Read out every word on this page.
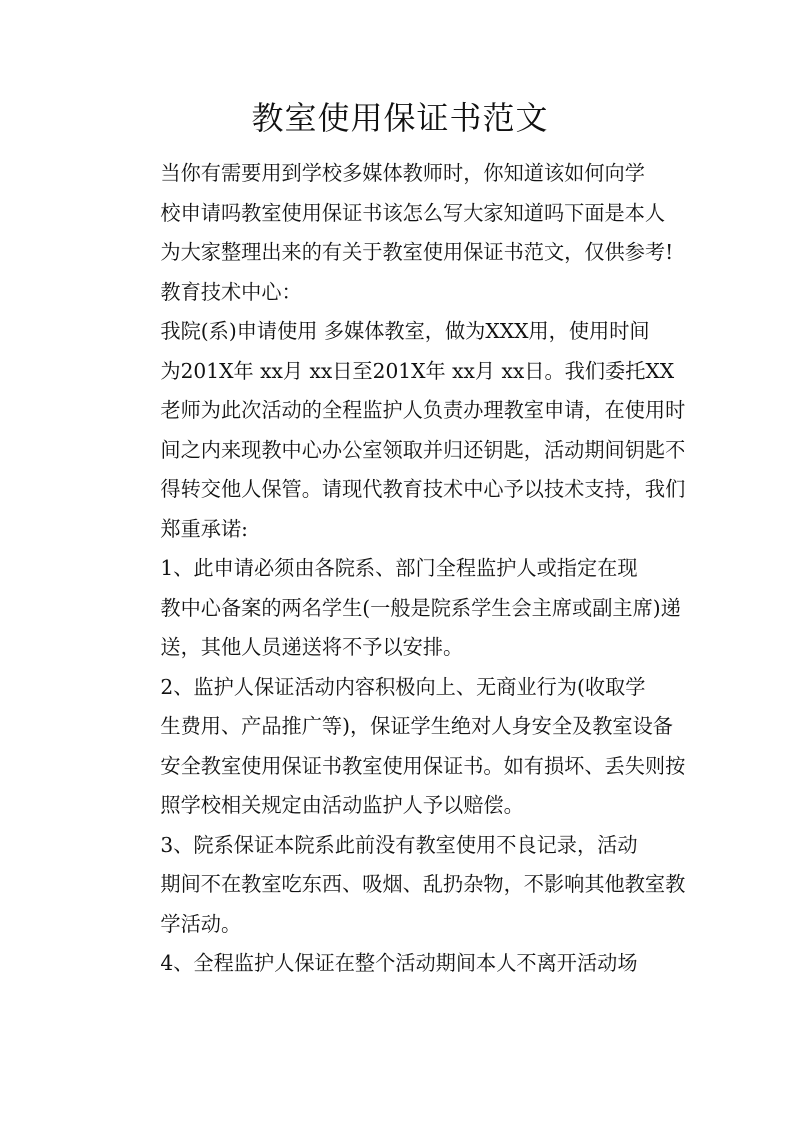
教室使用保证书范文

当你有需要用到学校多媒体教师时，你知道该如何向学
校申请吗教室使用保证书该怎么写大家知道吗下面是本人
为大家整理出来的有关于教室使用保证书范文，仅供参考!

教育技术中心：

我院(系)申请使用 多媒体教室，做为XXX用，使用时间
为201X年 xx月 xx日至201X年 xx月 xx日。我们委托XX
老师为此次活动的全程监护人负责办理教室申请，在使用时
间之内来现教中心办公室领取并归还钥匙，活动期间钥匙不
得转交他人保管。请现代教育技术中心予以技术支持，我们
郑重承诺:

1、此申请必须由各院系、部门全程监护人或指定在现
教中心备案的两名学生(一般是院系学生会主席或副主席)递
送，其他人员递送将不予以安排。

2、监护人保证活动内容积极向上、无商业行为(收取学
生费用、产品推广等)，保证学生绝对人身安全及教室设备
安全教室使用保证书教室使用保证书。如有损坏、丢失则按
照学校相关规定由活动监护人予以赔偿。

3、院系保证本院系此前没有教室使用不良记录，活动
期间不在教室吃东西、吸烟、乱扔杂物，不影响其他教室教
学活动。

4、全程监护人保证在整个活动期间本人不离开活动场
